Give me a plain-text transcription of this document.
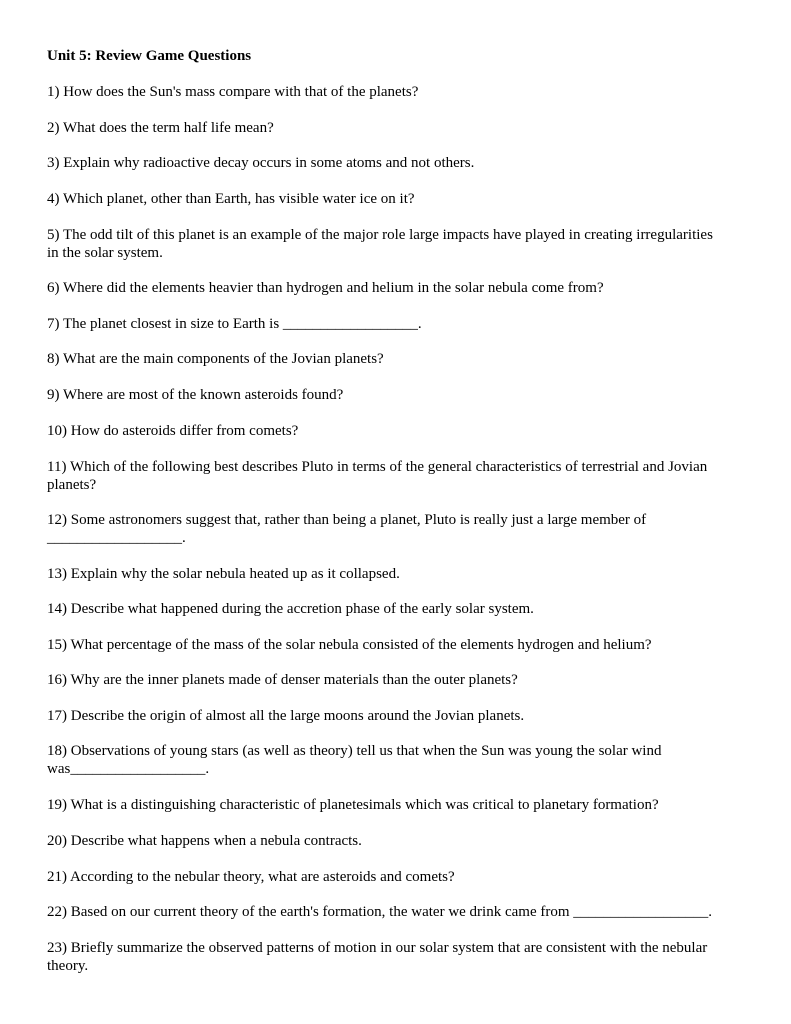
Unit 5: Review Game Questions

1) How does the Sun's mass compare with that of the planets?

2) What does the term half life mean?

3) Explain why radioactive decay occurs in some atoms and not others.

4) Which planet, other than Earth, has visible water ice on it?

5) The odd tilt of this planet is an example of the major role large impacts have played in creating irregularities
in the solar system.

6) Where did the elements heavier than hydrogen and helium in the solar nebula come from?

7) The planet closest in size to Earth is __________________.

8) What are the main components of the Jovian planets?

9) Where are most of the known asteroids found?

10) How do asteroids differ from comets?

11) Which of the following best describes Pluto in terms of the general characteristics of terrestrial and Jovian
planets?

12) Some astronomers suggest that, rather than being a planet, Pluto is really just a large member of
__________________.

13) Explain why the solar nebula heated up as it collapsed.

14) Describe what happened during the accretion phase of the early solar system.

15) What percentage of the mass of the solar nebula consisted of the elements hydrogen and helium?

16) Why are the inner planets made of denser materials than the outer planets?

17) Describe the origin of almost all the large moons around the Jovian planets.

18) Observations of young stars (as well as theory) tell us that when the Sun was young the solar wind
was__________________.

19) What is a distinguishing characteristic of planetesimals which was critical to planetary formation?

20) Describe what happens when a nebula contracts.

21) According to the nebular theory, what are asteroids and comets?

22) Based on our current theory of the earth's formation, the water we drink came from __________________.

23) Briefly summarize the observed patterns of motion in our solar system that are consistent with the nebular
theory.
